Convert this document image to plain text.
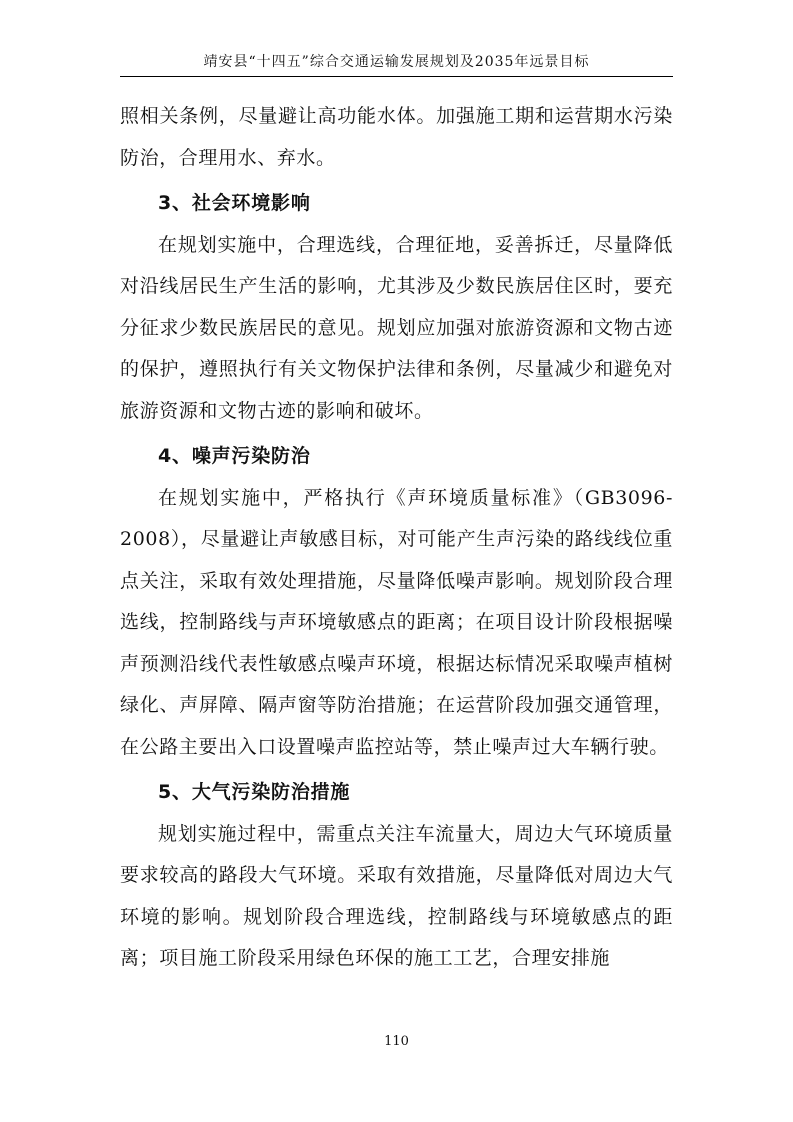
靖安县“十四五”综合交通运输发展规划及2035年远景目标

照相关条例，尽量避让高功能水体。加强施工期和运营期水污染防治，合理用水、弃水。

3、社会环境影响

在规划实施中，合理选线，合理征地，妥善拆迁，尽量降低对沿线居民生产生活的影响，尤其涉及少数民族居住区时，要充分征求少数民族居民的意见。规划应加强对旅游资源和文物古迹的保护，遵照执行有关文物保护法律和条例，尽量减少和避免对旅游资源和文物古迹的影响和破坏。

4、噪声污染防治

在规划实施中，严格执行《声环境质量标准》（GB3096-2008），尽量避让声敏感目标，对可能产生声污染的路线线位重点关注，采取有效处理措施，尽量降低噪声影响。规划阶段合理选线，控制路线与声环境敏感点的距离；在项目设计阶段根据噪声预测沿线代表性敏感点噪声环境，根据达标情况采取噪声植树绿化、声屏障、隔声窗等防治措施；在运营阶段加强交通管理，在公路主要出入口设置噪声监控站等，禁止噪声过大车辆行驶。

5、大气污染防治措施

规划实施过程中，需重点关注车流量大，周边大气环境质量要求较高的路段大气环境。采取有效措施，尽量降低对周边大气环境的影响。规划阶段合理选线，控制路线与环境敏感点的距离；项目施工阶段采用绿色环保的施工工艺，合理安排施

110
